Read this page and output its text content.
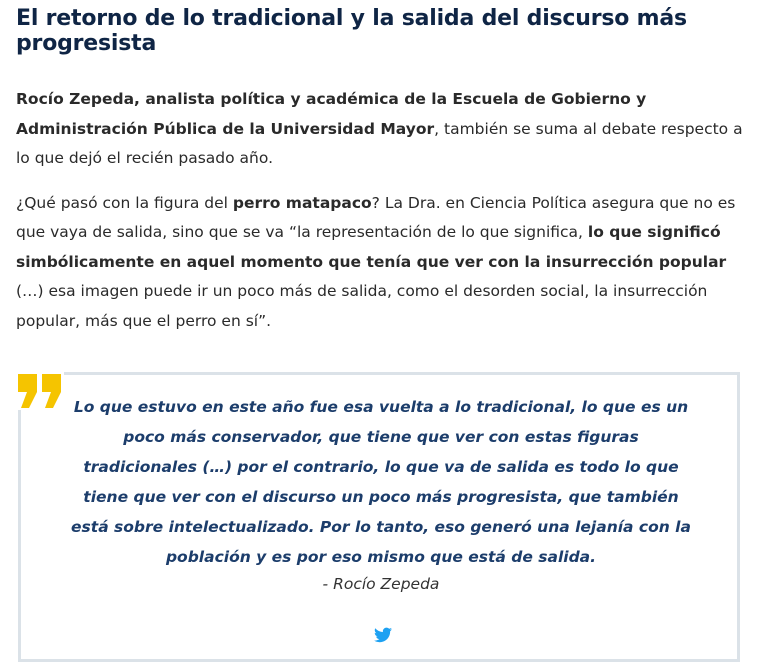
El retorno de lo tradicional y la salida del discurso más progresista

Rocío Zepeda, analista política y académica de la Escuela de Gobierno y Administración Pública de la Universidad Mayor, también se suma al debate respecto a lo que dejó el recién pasado año.

¿Qué pasó con la figura del perro matapaco? La Dra. en Ciencia Política asegura que no es que vaya de salida, sino que se va “la representación de lo que significa, lo que significó simbólicamente en aquel momento que tenía que ver con la insurrección popular (…) esa imagen puede ir un poco más de salida, como el desorden social, la insurrección popular, más que el perro en sí”.

Lo que estuvo en este año fue esa vuelta a lo tradicional, lo que es un poco más conservador, que tiene que ver con estas figuras tradicionales (…) por el contrario, lo que va de salida es todo lo que tiene que ver con el discurso un poco más progresista, que también está sobre intelectualizado. Por lo tanto, eso generó una lejanía con la población y es por eso mismo que está de salida.

- Rocío Zepeda
